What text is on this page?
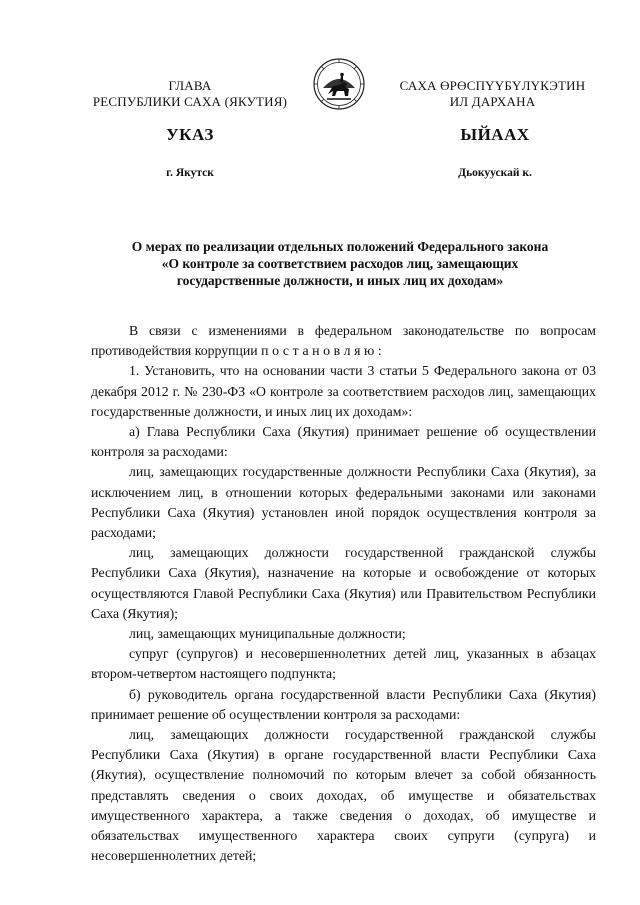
ГЛАВА
РЕСПУБЛИКИ САХА (ЯКУТИЯ)
САХА ӨРӨСПҮҮБҮЛҮКЭТИН
ИЛ ДАРХАНА
УКАЗ	ЫЙААХ
г. Якутск	Дьокуускай к.
О мерах по реализации отдельных положений Федерального закона
«О контроле за соответствием расходов лиц, замещающих
государственные должности, и иных лиц их доходам»

В связи с изменениями в федеральном законодательстве по вопросам противодействия коррупции постановляю:

1. Установить, что на основании части 3 статьи 5 Федерального закона от 03 декабря 2012 г. № 230-ФЗ «О контроле за соответствием расходов лиц, замещающих государственные должности, и иных лиц их доходам»:

а) Глава Республики Саха (Якутия) принимает решение об осуществлении контроля за расходами:

лиц, замещающих государственные должности Республики Саха (Якутия), за исключением лиц, в отношении которых федеральными законами или законами Республики Саха (Якутия) установлен иной порядок осуществления контроля за расходами;

лиц, замещающих должности государственной гражданской службы Республики Саха (Якутия), назначение на которые и освобождение от которых осуществляются Главой Республики Саха (Якутия) или Правительством Республики Саха (Якутия);

лиц, замещающих муниципальные должности;

супруг (супругов) и несовершеннолетних детей лиц, указанных в абзацах втором-четвертом настоящего подпункта;

б) руководитель органа государственной власти Республики Саха (Якутия) принимает решение об осуществлении контроля за расходами:

лиц, замещающих должности государственной гражданской службы Республики Саха (Якутия) в органе государственной власти Республики Саха (Якутия), осуществление полномочий по которым влечет за собой обязанность представлять сведения о своих доходах, об имуществе и обязательствах имущественного характера, а также сведения о доходах, об имуществе и обязательствах имущественного характера своих супруги (супруга) и несовершеннолетних детей;
